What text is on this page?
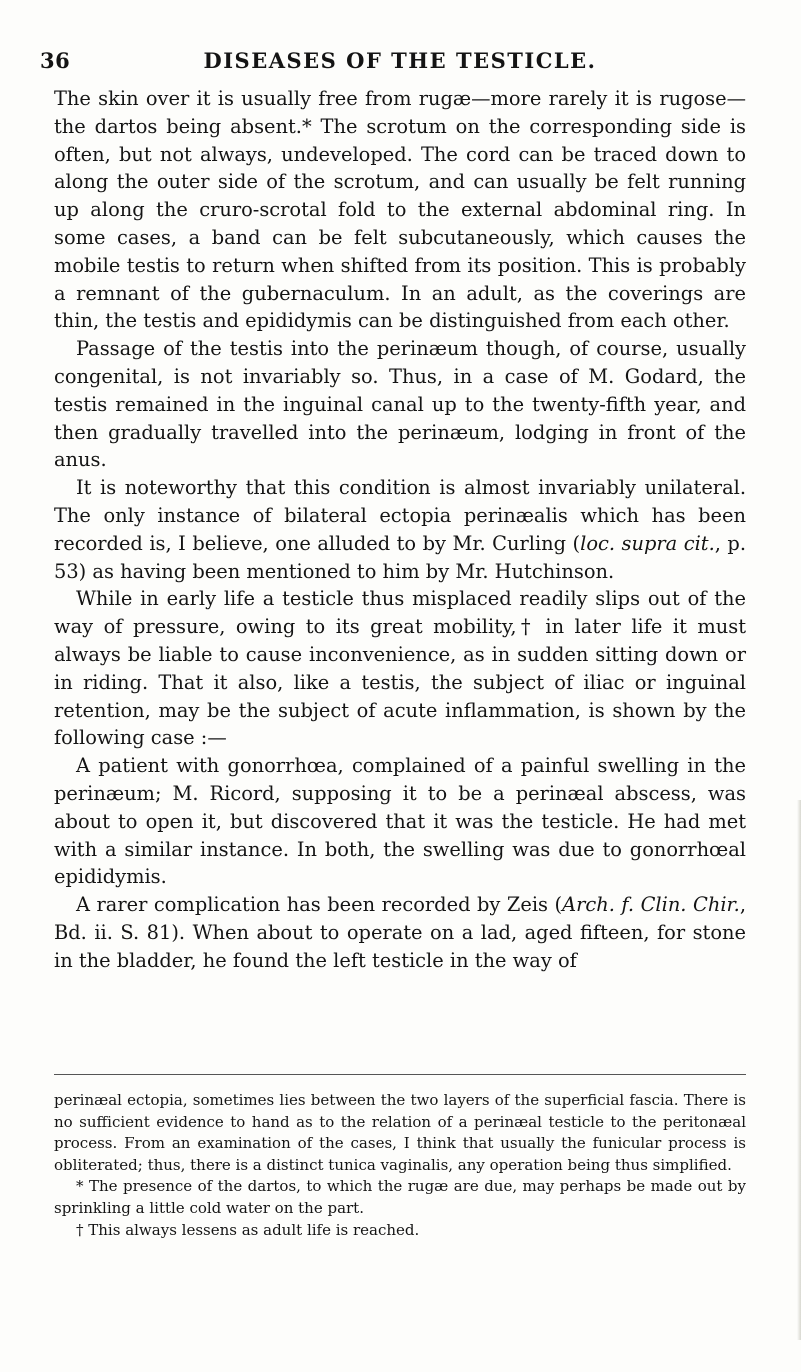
36	DISEASES OF THE TESTICLE.

The skin over it is usually free from rugæ—more rarely it is rugose—the dartos being absent.* The scrotum on the corresponding side is often, but not always, undeveloped. The cord can be traced down to along the outer side of the scrotum, and can usually be felt running up along the cruro-scrotal fold to the external abdominal ring. In some cases, a band can be felt subcutaneously, which causes the mobile testis to return when shifted from its position. This is probably a remnant of the gubernaculum. In an adult, as the coverings are thin, the testis and epididymis can be distinguished from each other.

Passage of the testis into the perinæum though, of course, usually congenital, is not invariably so. Thus, in a case of M. Godard, the testis remained in the inguinal canal up to the twenty-fifth year, and then gradually travelled into the perinæum, lodging in front of the anus.

It is noteworthy that this condition is almost invariably unilateral. The only instance of bilateral ectopia perinæalis which has been recorded is, I believe, one alluded to by Mr. Curling (loc. supra cit., p. 53) as having been mentioned to him by Mr. Hutchinson.

While in early life a testicle thus misplaced readily slips out of the way of pressure, owing to its great mobility,† in later life it must always be liable to cause inconvenience, as in sudden sitting down or in riding. That it also, like a testis, the subject of iliac or inguinal retention, may be the subject of acute inflammation, is shown by the following case :—

A patient with gonorrhœa, complained of a painful swelling in the perinæum; M. Ricord, supposing it to be a perinæal abscess, was about to open it, but discovered that it was the testicle. He had met with a similar instance. In both, the swelling was due to gonorrhœal epididymis.

A rarer complication has been recorded by Zeis (Arch. f. Clin. Chir., Bd. ii. S. 81). When about to operate on a lad, aged fifteen, for stone in the bladder, he found the left testicle in the way of

perinæal ectopia, sometimes lies between the two layers of the superficial fascia. There is no sufficient evidence to hand as to the relation of a perinæal testicle to the peritonæal process. From an examination of the cases, I think that usually the funicular process is obliterated; thus, there is a distinct tunica vaginalis, any operation being thus simplified.

* The presence of the dartos, to which the rugæ are due, may perhaps be made out by sprinkling a little cold water on the part.

† This always lessens as adult life is reached.
